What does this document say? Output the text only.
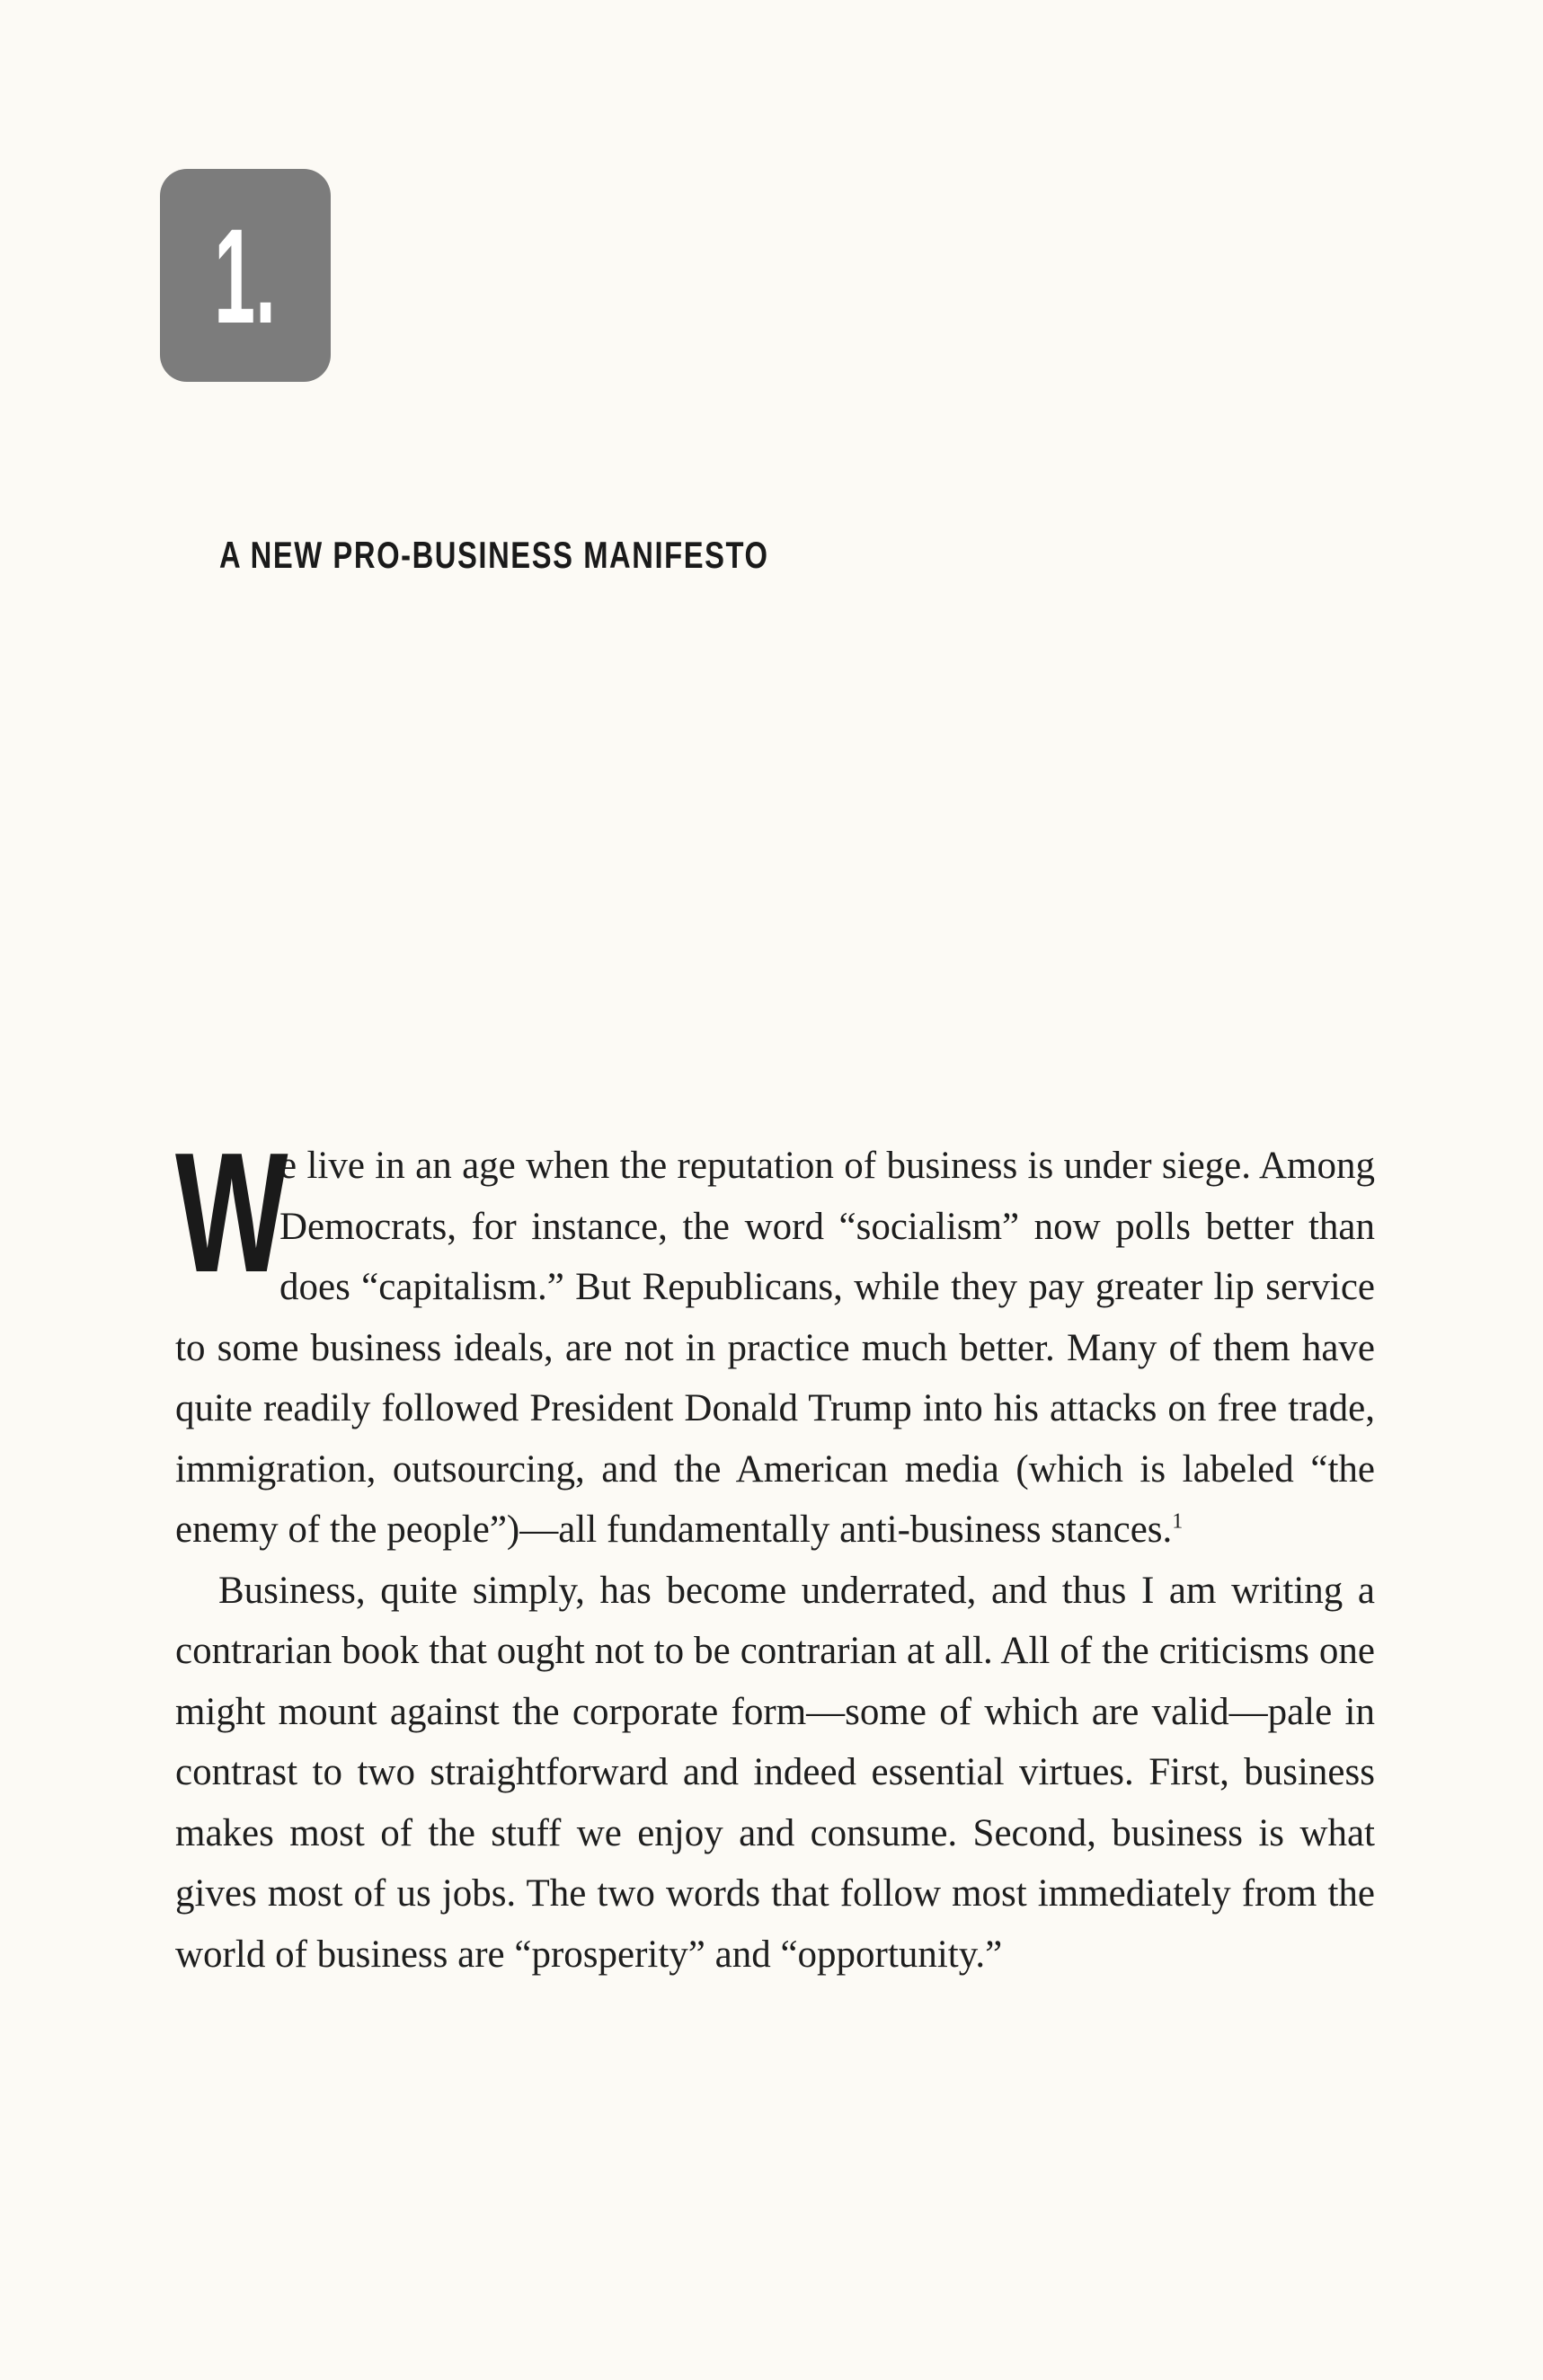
1.
A NEW PRO-BUSINESS MANIFESTO

W
e live in an age when the reputation of business is under siege. Among Democrats, for instance, the word “socialism” now polls better than does “capitalism.” But Republicans, while they pay greater lip service to some business ideals, are not in practice much better. Many of them have quite readily followed President Donald Trump into his attacks on free trade, immigration, outsourcing, and the American media (which is labeled “the enemy of the people”)—all fundamentally anti-business stances.$^1$

Business, quite simply, has become underrated, and thus I am writing a contrarian book that ought not to be contrarian at all. All of the criticisms one might mount against the corporate form—some of which are valid—pale in contrast to two straightforward and indeed essential virtues. First, business makes most of the stuff we enjoy and consume. Second, business is what gives most of us jobs. The two words that follow most immediately from the world of business are “prosperity” and “opportunity.”
